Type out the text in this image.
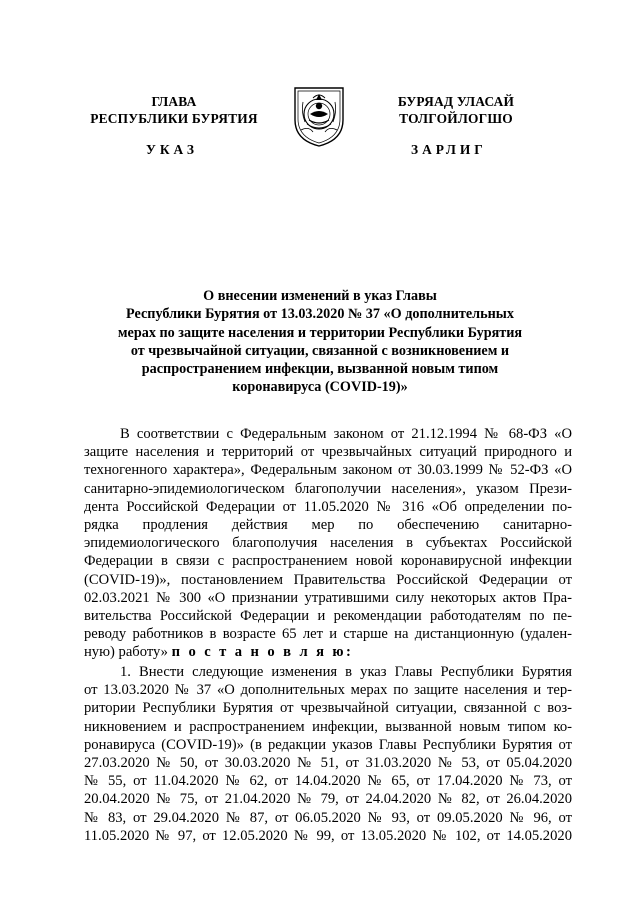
ГЛАВА
РЕСПУБЛИКИ БУРЯТИЯ
БУРЯАД УЛАСАЙ
ТОЛГОЙЛОГШО
УКАЗ	ЗАРЛИГ
О внесении изменений в указ Главы
Республики Бурятия от 13.03.2020 № 37 «О дополнительных
мерах по защите населения и территории Республики Бурятия
от чрезвычайной ситуации, связанной с возникновением и
распространением инфекции, вызванной новым типом
коронавируса (COVID-19)»
В соответствии с Федеральным законом от 21.12.1994 № 68-ФЗ «О
защите населения и территорий от чрезвычайных ситуаций природного и
техногенного характера», Федеральным законом от 30.03.1999 № 52-ФЗ «О
санитарно-эпидемиологическом благополучии населения», указом Прези-
дента Российской Федерации от 11.05.2020 № 316 «Об определении по-
рядка продления действия мер по обеспечению санитарно-
эпидемиологического благополучия населения в субъектах Российской
Федерации в связи с распространением новой коронавирусной инфекции
(COVID-19)», постановлением Правительства Российской Федерации от
02.03.2021 № 300 «О признании утратившими силу некоторых актов Пра-
вительства Российской Федерации и рекомендации работодателям по пе-
реводу работников в возрасте 65 лет и старше на дистанционную (удален-
ную) работу» п о с т а н о в л я ю:
1. Внести следующие изменения в указ Главы Республики Бурятия
от 13.03.2020 № 37 «О дополнительных мерах по защите населения и тер-
ритории Республики Бурятия от чрезвычайной ситуации, связанной с воз-
никновением и распространением инфекции, вызванной новым типом ко-
ронавируса (COVID-19)» (в редакции указов Главы Республики Бурятия от
27.03.2020 № 50, от 30.03.2020 № 51, от 31.03.2020 № 53, от 05.04.2020
№ 55, от 11.04.2020 № 62, от 14.04.2020 № 65, от 17.04.2020 № 73, от
20.04.2020 № 75, от 21.04.2020 № 79, от 24.04.2020 № 82, от 26.04.2020
№ 83, от 29.04.2020 № 87, от 06.05.2020 № 93, от 09.05.2020 № 96, от
11.05.2020 № 97, от 12.05.2020 № 99, от 13.05.2020 № 102, от 14.05.2020
